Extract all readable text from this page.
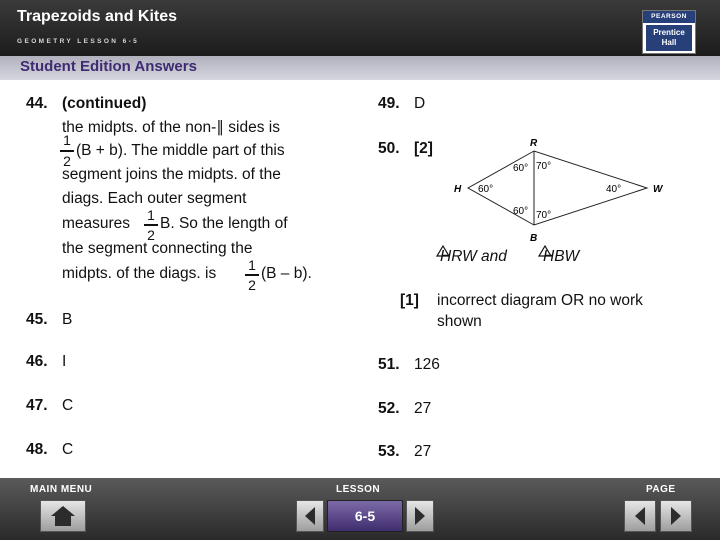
Trapezoids and Kites
GEOMETRY LESSON 6-5
PEARSON
Prentice
Hall
Student Edition Answers
44. (continued)
the midpts. of the non-∥ sides is
1
2
(B + b). The middle part of this
segment joins the midpts. of the
diags. Each outer segment
measures 1
2
B. So the length of
the segment connecting the
midpts. of the diags. is 1
2
(B – b).
45. B
46. I
47. C
48. C
49. D
50. [2]	R
H	W
B
60° 70°
60°	40°
60° 70°
HRW and HBW
[1] incorrect diagram OR no work
shown
51. 126
52. 27
53. 27
MAIN MENU	LESSON	PAGE
6-5
